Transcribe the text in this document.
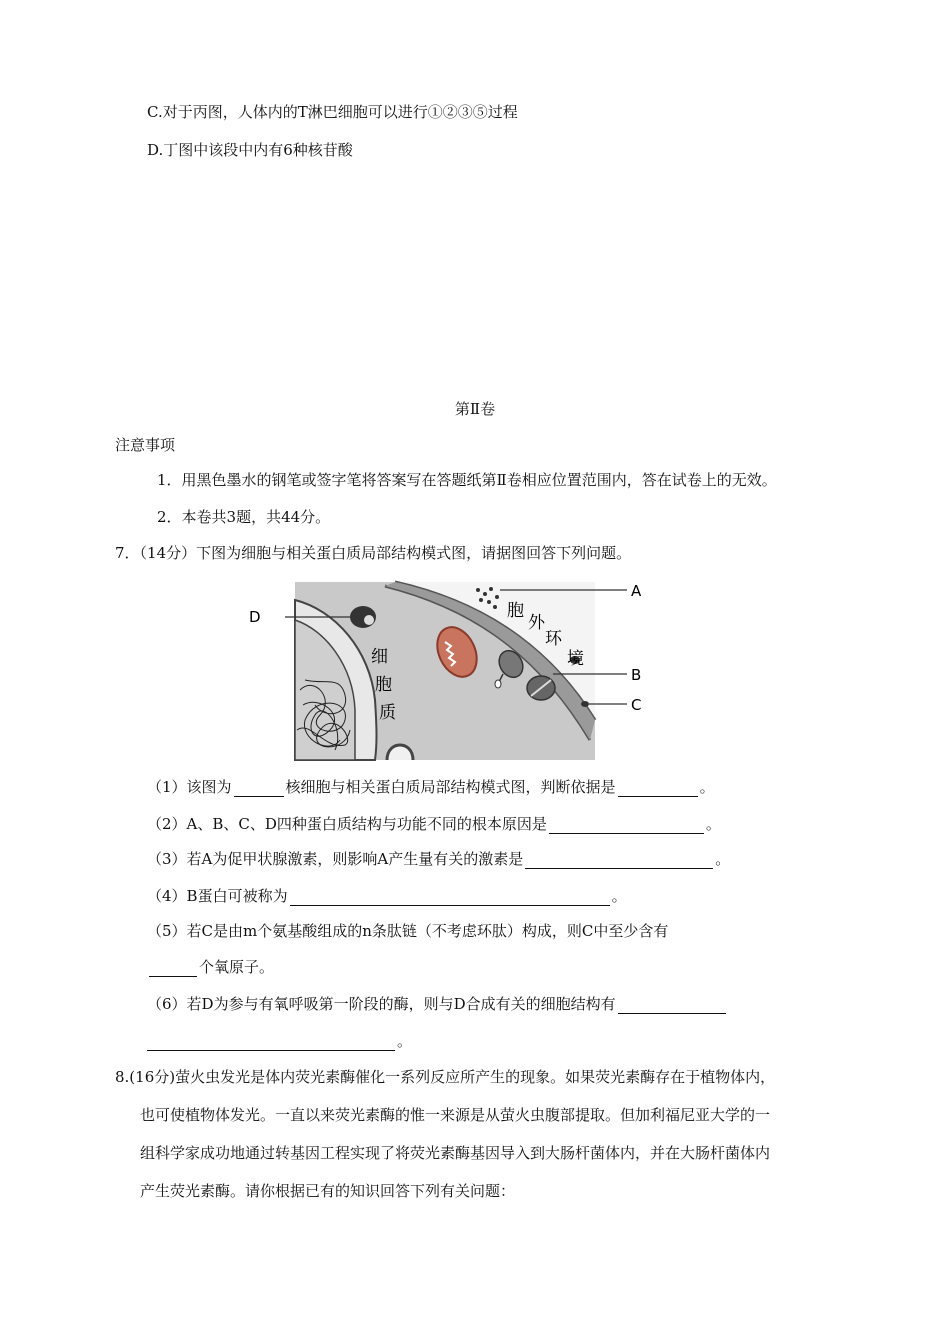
C.对于丙图，人体内的T淋巴细胞可以进行①②③⑤过程
D.丁图中该段中内有6种核苷酸
第Ⅱ卷
注意事项
1．用黑色墨水的钢笔或签字笔将答案写在答题纸第Ⅱ卷相应位置范围内，答在试卷上的无效。
2．本卷共3题，共44分。
7．（14分）下图为细胞与相关蛋白质局部结构模式图，请据图回答下列问题。
D
A
B
C
细
胞
质
胞
外
环
境
（1）该图为	核细胞与相关蛋白质局部结构模式图，判断依据是	。
（2）A、B、C、D四种蛋白质结构与功能不同的根本原因是	。
（3）若A为促甲状腺激素，则影响A产生量有关的激素是	。
（4）B蛋白可被称为	。
（5）若C是由m个氨基酸组成的n条肽链（不考虑环肽）构成，则C中至少含有
个氧原子。
（6）若D为参与有氧呼吸第一阶段的酶，则与D合成有关的细胞结构有
。
8.(16分)萤火虫发光是体内荧光素酶催化一系列反应所产生的现象。如果荧光素酶存在于植物体内，
也可使植物体发光。一直以来荧光素酶的惟一来源是从萤火虫腹部提取。但加利福尼亚大学的一
组科学家成功地通过转基因工程实现了将荧光素酶基因导入到大肠杆菌体内，并在大肠杆菌体内
产生荧光素酶。请你根据已有的知识回答下列有关问题：
